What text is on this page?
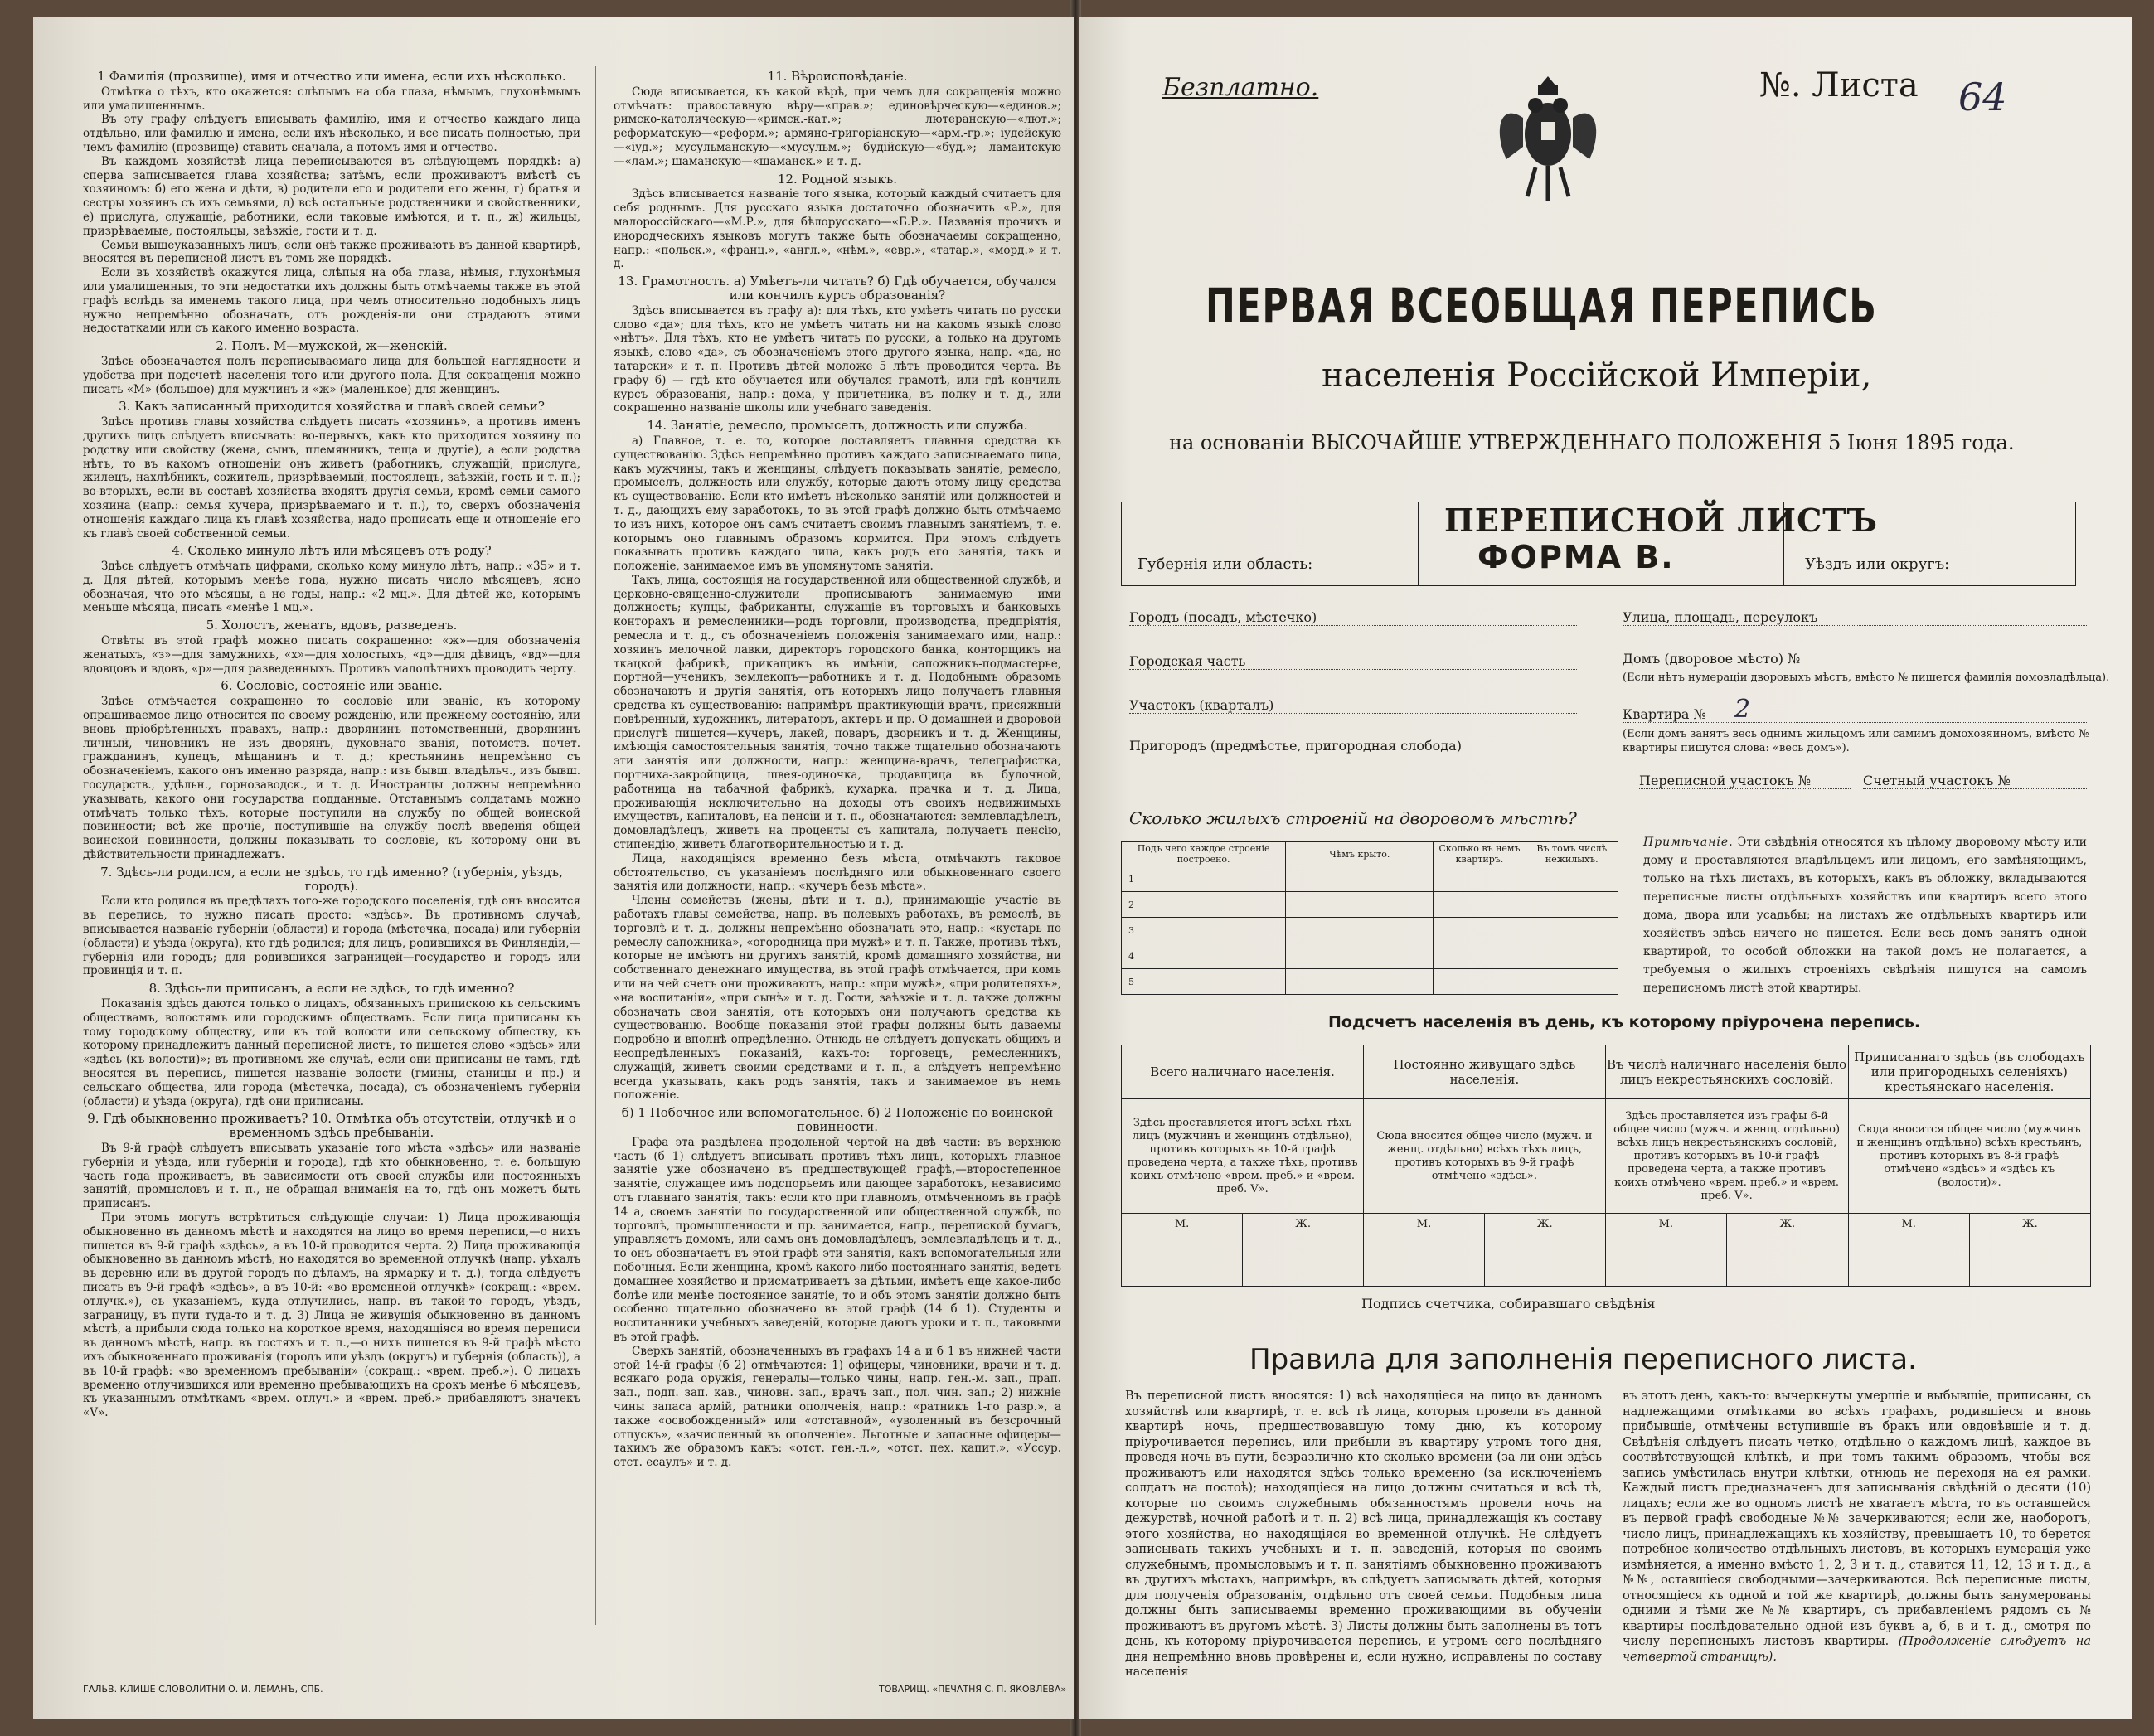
1 Фамилія (прозвище), имя и отчество или имена, если ихъ нѣсколько.

Отмѣтка о тѣхъ, кто окажется: слѣпымъ на оба глаза, нѣмымъ, глухонѣмымъ или умалишеннымъ.

Въ эту графу слѣдуетъ вписывать фамилію, имя и отчество каждаго лица отдѣльно, или фамилію и имена, если ихъ нѣсколько, и все писать полностью, при чемъ фамилію (прозвище) ставить сначала, а потомъ имя и отчество.

Въ каждомъ хозяйствѣ лица переписываются въ слѣдующемъ порядкѣ: а) сперва записывается глава хозяйства; затѣмъ, если проживаютъ вмѣстѣ съ хозяиномъ: б) его жена и дѣти, в) родители его и родители его жены, г) братья и сестры хозяинъ съ ихъ семьями, д) всѣ остальные родственники и свойственники, е) прислуга, служащіе, работники, если таковые имѣются, и т. п., ж) жильцы, призрѣваемые, постояльцы, заѣзжіе, гости и т. д.

Семьи вышеуказанныхъ лицъ, если онѣ также проживаютъ въ данной квартирѣ, вносятся въ переписной листъ въ томъ же порядкѣ.

Если въ хозяйствѣ окажутся лица, слѣпыя на оба глаза, нѣмыя, глухонѣмыя или умалишенныя, то эти недостатки ихъ должны быть отмѣчаемы также въ этой графѣ вслѣдъ за именемъ такого лица, при чемъ относительно подобныхъ лицъ нужно непремѣнно обозначать, отъ рожденія-ли они страдаютъ этими недостатками или съ какого именно возраста.

2. Полъ. М—мужской, ж—женскій.

Здѣсь обозначается полъ переписываемаго лица для большей наглядности и удобства при подсчетѣ населенія того или другого пола. Для сокращенія можно писать «М» (большое) для мужчинъ и «ж» (маленькое) для женщинъ.

3. Какъ записанный приходится хозяйства и главѣ своей семьи?

Здѣсь противъ главы хозяйства слѣдуетъ писать «хозяинъ», а противъ именъ другихъ лицъ слѣдуетъ вписывать: во-первыхъ, какъ кто приходится хозяину по родству или свойству (жена, сынъ, племянникъ, теща и другіе), а если родства нѣтъ, то въ какомъ отношеніи онъ живетъ (работникъ, служащій, прислуга, жилецъ, нахлѣбникъ, сожитель, призрѣваемый, постоялецъ, заѣзжій, гость и т. п.); во-вторыхъ, если въ составѣ хозяйства входятъ другія семьи, кромѣ семьи самого хозяина (напр.: семья кучера, призрѣваемаго и т. п.), то, сверхъ обозначенія отношенія каждаго лица къ главѣ хозяйства, надо прописать еще и отношеніе его къ главѣ своей собственной семьи.

4. Сколько минуло лѣтъ или мѣсяцевъ отъ роду?

Здѣсь слѣдуетъ отмѣчать цифрами, сколько кому минуло лѣтъ, напр.: «35» и т. д. Для дѣтей, которымъ менѣе года, нужно писать число мѣсяцевъ, ясно обозначая, что это мѣсяцы, а не годы, напр.: «2 мц.». Для дѣтей же, которымъ меньше мѣсяца, писать «менѣе 1 мц.».

5. Холостъ, женатъ, вдовъ, разведенъ.

Отвѣты въ этой графѣ можно писать сокращенно: «ж»—для обозначенія женатыхъ, «з»—для замужнихъ, «х»—для холостыхъ, «д»—для дѣвицъ, «вд»—для вдовцовъ и вдовъ, «р»—для разведенныхъ. Противъ малолѣтнихъ проводить черту.

6. Сословіе, состояніе или званіе.

Здѣсь отмѣчается сокращенно то сословіе или званіе, къ которому опрашиваемое лицо относится по своему рожденію, или прежнему состоянію, или вновь пріобрѣтенныхъ правахъ, напр.: дворянинъ потомственный, дворянинъ личный, чиновникъ не изъ дворянъ, духовнаго званія, потомств. почет. гражданинъ, купецъ, мѣщанинъ и т. д.; крестьянинъ непремѣнно съ обозначеніемъ, какого онъ именно разряда, напр.: изъ бывш. владѣльч., изъ бывш. государств., удѣльн., горнозаводск., и т. д. Иностранцы должны непремѣнно указывать, какого они государства подданные. Отставнымъ солдатамъ можно отмѣчать только тѣхъ, которые поступили на службу по общей воинской повинности; всѣ же прочіе, поступившіе на службу послѣ введенія общей воинской повинности, должны показывать то сословіе, къ которому они въ дѣйствительности принадлежатъ.

7. Здѣсь-ли родился, а если не здѣсь, то гдѣ именно? (губернія, уѣздъ, городъ).

Если кто родился въ предѣлахъ того-же городского поселенія, гдѣ онъ вносится въ перепись, то нужно писать просто: «здѣсь». Въ противномъ случаѣ, вписывается названіе губерніи (области) и города (мѣстечка, посада) или губерніи (области) и уѣзда (округа), кто гдѣ родился; для лицъ, родившихся въ Финляндіи,—губернія или городъ; для родившихся заграницей—государство и городъ или провинція и т. п.

8. Здѣсь-ли приписанъ, а если не здѣсь, то гдѣ именно?

Показанія здѣсь даются только о лицахъ, обязанныхъ припискою къ сельскимъ обществамъ, волостямъ или городскимъ обществамъ. Если лица приписаны къ тому городскому обществу, или къ той волости или сельскому обществу, къ которому принадлежитъ данный переписной листъ, то пишется слово «здѣсь» или «здѣсь (къ волости)»; въ противномъ же случаѣ, если они приписаны не тамъ, гдѣ вносятся въ перепись, пишется названіе волости (гмины, станицы и пр.) и сельскаго общества, или города (мѣстечка, посада), съ обозначеніемъ губерніи (области) и уѣзда (округа), гдѣ они приписаны.

9. Гдѣ обыкновенно проживаетъ? 10. Отмѣтка объ отсутствіи, отлучкѣ и о временномъ здѣсь пребываніи.

Въ 9-й графѣ слѣдуетъ вписывать указаніе того мѣста «здѣсь» или названіе губерніи и уѣзда, или губерніи и города), гдѣ кто обыкновенно, т. е. большую часть года проживаетъ, въ зависимости отъ своей службы или постоянныхъ занятій, промысловъ и т. п., не обращая вниманія на то, гдѣ онъ можетъ быть приписанъ.

При этомъ могутъ встрѣтиться слѣдующіе случаи: 1) Лица проживающія обыкновенно въ данномъ мѣстѣ и находятся на лицо во время переписи,—о нихъ пишется въ 9-й графѣ «здѣсь», а въ 10-й проводится черта. 2) Лица проживающія обыкновенно въ данномъ мѣстѣ, но находятся во временной отлучкѣ (напр. уѣхалъ въ деревню или въ другой городъ по дѣламъ, на ярмарку и т. д.), тогда слѣдуетъ писать въ 9-й графѣ «здѣсь», а въ 10-й: «во временной отлучкѣ» (сокращ.: «врем. отлучк.»), съ указаніемъ, куда отлучились, напр. въ такой-то городъ, уѣздъ, заграницу, въ пути туда-то и т. д. 3) Лица не живущія обыкновенно въ данномъ мѣстѣ, а прибыли сюда только на короткое время, находящіяся во время переписи въ данномъ мѣстѣ, напр. въ гостяхъ и т. п.,—о нихъ пишется въ 9-й графѣ мѣсто ихъ обыкновеннаго проживанія (городъ или уѣздъ (округъ) и губернія (область)), а въ 10-й графѣ: «во временномъ пребываніи» (сокращ.: «врем. преб.»). О лицахъ временно отлучившихся или временно пребывающихъ на срокъ менѣе 6 мѣсяцевъ, къ указаннымъ отмѣткамъ «врем. отлуч.» и «врем. преб.» прибавляютъ значекъ «V».

11. Вѣроисповѣданіе.

Сюда вписывается, къ какой вѣрѣ, при чемъ для сокращенія можно отмѣчать: православную вѣру—«прав.»; единовѣрческую—«единов.»; римско-католическую—«римск.-кат.»; лютеранскую—«лют.»; реформатскую—«реформ.»; армяно-григоріанскую—«арм.-гр.»; іудейскую—«іуд.»; мусульманскую—«мусульм.»; будійскую—«буд.»; ламаитскую—«лам.»; шаманскую—«шаманск.» и т. д.

12. Родной языкъ.

Здѣсь вписывается названіе того языка, который каждый считаетъ для себя роднымъ. Для русскаго языка достаточно обозначить «Р.», для малороссійскаго—«М.Р.», для бѣлорусскаго—«Б.Р.». Названія прочихъ и инородческихъ языковъ могутъ также быть обозначаемы сокращенно, напр.: «польск.», «франц.», «англ.», «нѣм.», «евр.», «татар.», «морд.» и т. д.

13. Грамотность. а) Умѣетъ-ли читать? б) Гдѣ обучается, обучался или кончилъ курсъ образованія?

Здѣсь вписывается въ графу а): для тѣхъ, кто умѣетъ читать по русски слово «да»; для тѣхъ, кто не умѣетъ читать ни на какомъ языкѣ слово «нѣтъ». Для тѣхъ, кто не умѣетъ читать по русски, а только на другомъ языкѣ, слово «да», съ обозначеніемъ этого другого языка, напр. «да, но татарски» и т. п. Противъ дѣтей моложе 5 лѣтъ проводится черта. Въ графу б) — гдѣ кто обучается или обучался грамотѣ, или гдѣ кончилъ курсъ образованія, напр.: дома, у причетника, въ полку и т. д., или сокращенно названіе школы или учебнаго заведенія.

14. Занятіе, ремесло, промыселъ, должность или служба.

а) Главное, т. е. то, которое доставляетъ главныя средства къ существованію. Здѣсь непремѣнно противъ каждаго записываемаго лица, какъ мужчины, такъ и женщины, слѣдуетъ показывать занятіе, ремесло, промыселъ, должность или службу, которые даютъ этому лицу средства къ существованію. Если кто имѣетъ нѣсколько занятій или должностей и т. д., дающихъ ему заработокъ, то въ этой графѣ должно быть отмѣчаемо то изъ нихъ, которое онъ самъ считаетъ своимъ главнымъ занятіемъ, т. е. которымъ оно главнымъ образомъ кормится. При этомъ слѣдуетъ показывать противъ каждаго лица, какъ родъ его занятія, такъ и положеніе, занимаемое имъ въ упомянутомъ занятіи.

Такъ, лица, состоящія на государственной или общественной службѣ, и церковно-священно-служители прописываютъ занимаемую ими должность; купцы, фабриканты, служащіе въ торговыхъ и банковыхъ конторахъ и ремесленники—родъ торговли, производства, предпріятія, ремесла и т. д., съ обозначеніемъ положенія занимаемаго ими, напр.: хозяинъ мелочной лавки, директоръ городского банка, конторщикъ на ткацкой фабрикѣ, прикащикъ въ имѣніи, сапожникъ-подмастерье, портной—ученикъ, землекопъ—работникъ и т. д. Подобнымъ образомъ обозначаютъ и другія занятія, отъ которыхъ лицо получаетъ главныя средства къ существованію: напримѣръ практикующій врачъ, присяжный повѣренный, художникъ, литераторъ, актеръ и пр. О домашней и дворовой прислугѣ пишется—кучеръ, лакей, поваръ, дворникъ и т. д. Женщины, имѣющія самостоятельныя занятія, точно также тщательно обозначаютъ эти занятія или должности, напр.: женщина-врачъ, телеграфистка, портниха-закройщица, швея-одиночка, продавщица въ булочной, работница на табачной фабрикѣ, кухарка, прачка и т. д. Лица, проживающія исключительно на доходы отъ своихъ недвижимыхъ имуществъ, капиталовъ, на пенсіи и т. п., обозначаются: землевладѣлецъ, домовладѣлецъ, живетъ на проценты съ капитала, получаетъ пенсію, стипендію, живетъ благотворительностью и т. д.

Лица, находящіяся временно безъ мѣста, отмѣчаютъ таковое обстоятельство, съ указаніемъ послѣдняго или обыкновеннаго своего занятія или должности, напр.: «кучеръ безъ мѣста».

Члены семействъ (жены, дѣти и т. д.), принимающіе участіе въ работахъ главы семейства, напр. въ полевыхъ работахъ, въ ремеслѣ, въ торговлѣ и т. д., должны непремѣнно обозначать это, напр.: «кустарь по ремеслу сапожника», «огородница при мужѣ» и т. п. Также, противъ тѣхъ, которые не имѣютъ ни другихъ занятій, кромѣ домашняго хозяйства, ни собственнаго денежнаго имущества, въ этой графѣ отмѣчается, при комъ или на чей счетъ они проживаютъ, напр.: «при мужѣ», «при родителяхъ», «на воспитаніи», «при сынѣ» и т. д. Гости, заѣзжіе и т. д. также должны обозначать свои занятія, отъ которыхъ они получаютъ средства къ существованію. Вообще показанія этой графы должны быть даваемы подробно и вполнѣ опредѣленно. Отнюдь не слѣдуетъ допускать общихъ и неопредѣленныхъ показаній, какъ-то: торговецъ, ремесленникъ, служащій, живетъ своими средствами и т. п., а слѣдуетъ непремѣнно всегда указывать, какъ родъ занятія, такъ и занимаемое въ немъ положеніе.

б) 1 Побочное или вспомогательное. б) 2 Положеніе по воинской повинности.

Графа эта раздѣлена продольной чертой на двѣ части: въ верхнюю часть (б 1) слѣдуетъ вписывать противъ тѣхъ лицъ, которыхъ главное занятіе уже обозначено въ предшествующей графѣ,—второстепенное занятіе, служащее имъ подспорьемъ или дающее заработокъ, независимо отъ главнаго занятія, такъ: если кто при главномъ, отмѣченномъ въ графѣ 14 а, своемъ занятіи по государственной или общественной службѣ, по торговлѣ, промышленности и пр. занимается, напр., перепиской бумагъ, управляетъ домомъ, или самъ онъ домовладѣлецъ, землевладѣлецъ и т. д., то онъ обозначаетъ въ этой графѣ эти занятія, какъ вспомогательныя или побочныя. Если женщина, кромѣ какого-либо постояннаго занятія, ведетъ домашнее хозяйство и присматриваетъ за дѣтьми, имѣетъ еще какое-либо болѣе или менѣе постоянное занятіе, то и объ этомъ занятіи должно быть особенно тщательно обозначено въ этой графѣ (14 б 1). Студенты и воспитанники учебныхъ заведеній, которые даютъ уроки и т. п., таковыми въ этой графѣ.

Сверхъ занятій, обозначенныхъ въ графахъ 14 а и б 1 въ нижней части этой 14-й графы (б 2) отмѣчаются: 1) офицеры, чиновники, врачи и т. д. всякаго рода оружія, генералы—только чины, напр. ген.-м. зап., прап. зап., подп. зап. кав., чиновн. зап., врачъ зап., пол. чин. зап.; 2) нижніе чины запаса армій, ратники ополченія, напр.: «ратникъ 1-го разр.», а также «освобожденный» или «отставной», «уволенный въ безсрочный отпускъ», «зачисленный въ ополченіе». Льготные и запасные офицеры—такимъ же образомъ какъ: «отст. ген.-л.», «отст. пех. капит.», «Уссур. отст. есаулъ» и т. д.

ГАЛЬВ. КЛИШЕ СЛОВОЛИТНИ О. И. ЛЕМАНЪ, СПБ.	ТОВАРИЩ. «ПЕЧАТНЯ С. П. ЯКОВЛЕВА»
Безплатно.	№. Листа 64
ПЕРВАЯ ВСЕОБЩАЯ ПЕРЕПИСЬ
населенія Россійской Имперіи,
на основаніи ВЫСОЧАЙШЕ УТВЕРЖДЕННАГО ПОЛОЖЕНІЯ 5 Іюня 1895 года.
Губернія или область:
ПЕРЕПИСНОЙ ЛИСТЪ
ФОРМА В.	Уѣздъ или округъ:
Городъ (посадъ, мѣстечко)
Городская часть
Участокъ (кварталъ)
Пригородъ (предмѣстье, пригородная слобода)
Улица, площадь, переулокъ
Домъ (дворовое мѣсто) №
(Если нѣтъ нумераціи дворовыхъ мѣстъ, вмѣсто № пишется фамилія домовладѣльца).
Квартира №	2
(Если домъ занятъ весь однимъ жильцомъ или самимъ домохозяиномъ, вмѣсто № квартиры пишутся слова: «весь домъ»).
Переписной участокъ №	Счетный участокъ №
Сколько жилыхъ строеній на дворовомъ мѣстѣ?
Подъ чего каждое строеніе построено.	Чѣмъ крыто.	Сколько въ немъ квартиръ.	Въ томъ числѣ нежилыхъ.
1			
2			
3			
4			
5			
Примѣчаніе. Эти свѣдѣнія относятся къ цѣлому дворовому мѣсту или дому и проставляются владѣльцемъ или лицомъ, его замѣняющимъ, только на тѣхъ листахъ, въ которыхъ, какъ въ обложку, вкладываются переписные листы отдѣльныхъ хозяйствъ или квартиръ всего этого дома, двора или усадьбы; на листахъ же отдѣльныхъ квартиръ или хозяйствъ здѣсь ничего не пишется. Если весь домъ занятъ одной квартирой, то особой обложки на такой домъ не полагается, а требуемыя о жилыхъ строеніяхъ свѣдѣнія пишутся на самомъ переписномъ листѣ этой квартиры.
Подсчетъ населенія въ день, къ которому пріурочена перепись.
Всего наличнаго населенія.		Постоянно живущаго здѣсь населенія.		Въ числѣ наличнаго населенія было лицъ некрестьянскихъ сословій.		Приписаннаго здѣсь (въ слободахъ или пригородныхъ селеніяхъ) крестьянскаго населенія.	
Здѣсь проставляется итогъ всѣхъ тѣхъ лицъ (мужчинъ и женщинъ отдѣльно), противъ которыхъ въ 10-й графѣ проведена черта, а также тѣхъ, противъ коихъ отмѣчено «врем. преб.» и «врем. преб. V».		Сюда вносится общее число (мужч. и женщ. отдѣльно) всѣхъ тѣхъ лицъ, противъ которыхъ въ 9-й графѣ отмѣчено «здѣсь».		Здѣсь проставляется изъ графы 6-й общее число (мужч. и женщ. отдѣльно) всѣхъ лицъ некрестьянскихъ сословій, противъ которыхъ въ 10-й графѣ проведена черта, а также противъ коихъ отмѣчено «врем. преб.» и «врем. преб. V».		Сюда вносится общее число (мужчинъ и женщинъ отдѣльно) всѣхъ крестьянъ, противъ которыхъ въ 8-й графѣ отмѣчено «здѣсь» и «здѣсь къ (волости)».	
М.	Ж.	М.	Ж.	М.	Ж.	М.	Ж.

Подпись счетчика, собиравшаго свѣдѣнія
Правила для заполненія переписного листа.
Въ переписной листъ вносятся: 1) всѣ находящіеся на лицо въ данномъ хозяйствѣ или квартирѣ, т. е. всѣ тѣ лица, которыя провели въ данной квартирѣ ночь, предшествовавшую тому дню, къ которому пріурочивается перепись, или прибыли въ квартиру утромъ того дня, проведя ночь въ пути, безразлично кто сколько времени (за ли они здѣсь проживаютъ или находятся здѣсь только временно (за исключеніемъ солдатъ на постоѣ); находящіеся на лицо должны считаться и всѣ тѣ, которые по своимъ служебнымъ обязанностямъ провели ночь на дежурствѣ, ночной работѣ и т. п. 2) всѣ лица, принадлежащія къ составу этого хозяйства, но находящіяся во временной отлучкѣ. Не слѣдуетъ записывать такихъ учебныхъ и т. п. заведеній, которыя по своимъ служебнымъ, промысловымъ и т. п. занятіямъ обыкновенно проживаютъ въ другихъ мѣстахъ, напримѣръ, въ слѣдуетъ записывать дѣтей, которыя для полученія образованія, отдѣльно отъ своей семьи. Подобныя лица должны быть записываемы временно проживающими въ обученіи проживаютъ въ другомъ мѣстѣ. 3) Листы должны быть заполнены въ тотъ день, къ которому пріурочивается перепись, и утромъ сего послѣдняго дня непремѣнно вновь провѣрены и, если нужно, исправлены по составу населенія
въ этотъ день, какъ-то: вычеркнуты умершіе и выбывшіе, приписаны, съ надлежащими отмѣтками во всѣхъ графахъ, родившіеся и вновь прибывшіе, отмѣчены вступившіе въ бракъ или овдовѣвшіе и т. д. Свѣдѣнія слѣдуетъ писать четко, отдѣльно о каждомъ лицѣ, каждое въ соотвѣтствующей клѣткѣ, и при томъ такимъ образомъ, чтобы вся запись умѣстилась внутри клѣтки, отнюдь не переходя на ея рамки. Каждый листъ предназначенъ для записыванія свѣдѣній о десяти (10) лицахъ; если же во одномъ листѣ не хватаетъ мѣста, то въ оставшейся въ первой графѣ свободные №№ зачеркиваются; если же, наоборотъ, число лицъ, принадлежащихъ къ хозяйству, превышаетъ 10, то берется потребное количество отдѣльныхъ листовъ, въ которыхъ нумерація уже измѣняется, а именно вмѣсто 1, 2, 3 и т. д., ставится 11, 12, 13 и т. д., а №№, оставшіеся свободными—зачеркиваются. Всѣ переписные листы, относящіеся къ одной и той же квартирѣ, должны быть занумерованы одними и тѣми же №№ квартиръ, съ прибавленіемъ рядомъ съ № квартиры послѣдовательно одной изъ буквъ а, б, в и т. д., смотря по числу переписныхъ листовъ квартиры. (Продолженіе слѣдуетъ на четвертой страницѣ).
